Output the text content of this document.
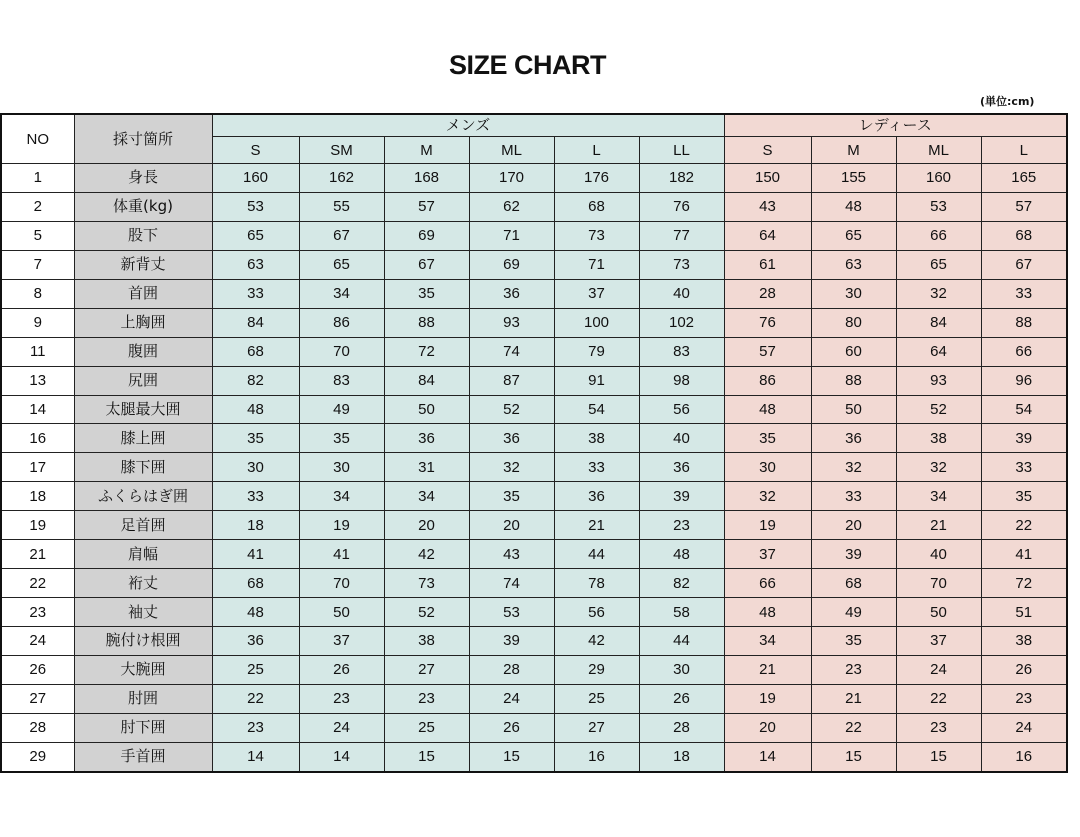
SIZE CHART
(単位:cm)
NO	採寸箇所	メンズ						レディース			
		S	SM	M	ML	L	LL	S	M	ML	L
1	身長	160	162	168	170	176	182	150	155	160	165
2	体重(kg)	53	55	57	62	68	76	43	48	53	57
5	股下	65	67	69	71	73	77	64	65	66	68
7	新背丈	63	65	67	69	71	73	61	63	65	67
8	首囲	33	34	35	36	37	40	28	30	32	33
9	上胸囲	84	86	88	93	100	102	76	80	84	88
11	腹囲	68	70	72	74	79	83	57	60	64	66
13	尻囲	82	83	84	87	91	98	86	88	93	96
14	太腿最大囲	48	49	50	52	54	56	48	50	52	54
16	膝上囲	35	35	36	36	38	40	35	36	38	39
17	膝下囲	30	30	31	32	33	36	30	32	32	33
18	ふくらはぎ囲	33	34	34	35	36	39	32	33	34	35
19	足首囲	18	19	20	20	21	23	19	20	21	22
21	肩幅	41	41	42	43	44	48	37	39	40	41
22	裄丈	68	70	73	74	78	82	66	68	70	72
23	袖丈	48	50	52	53	56	58	48	49	50	51
24	腕付け根囲	36	37	38	39	42	44	34	35	37	38
26	大腕囲	25	26	27	28	29	30	21	23	24	26
27	肘囲	22	23	23	24	25	26	19	21	22	23
28	肘下囲	23	24	25	26	27	28	20	22	23	24
29	手首囲	14	14	15	15	16	18	14	15	15	16
